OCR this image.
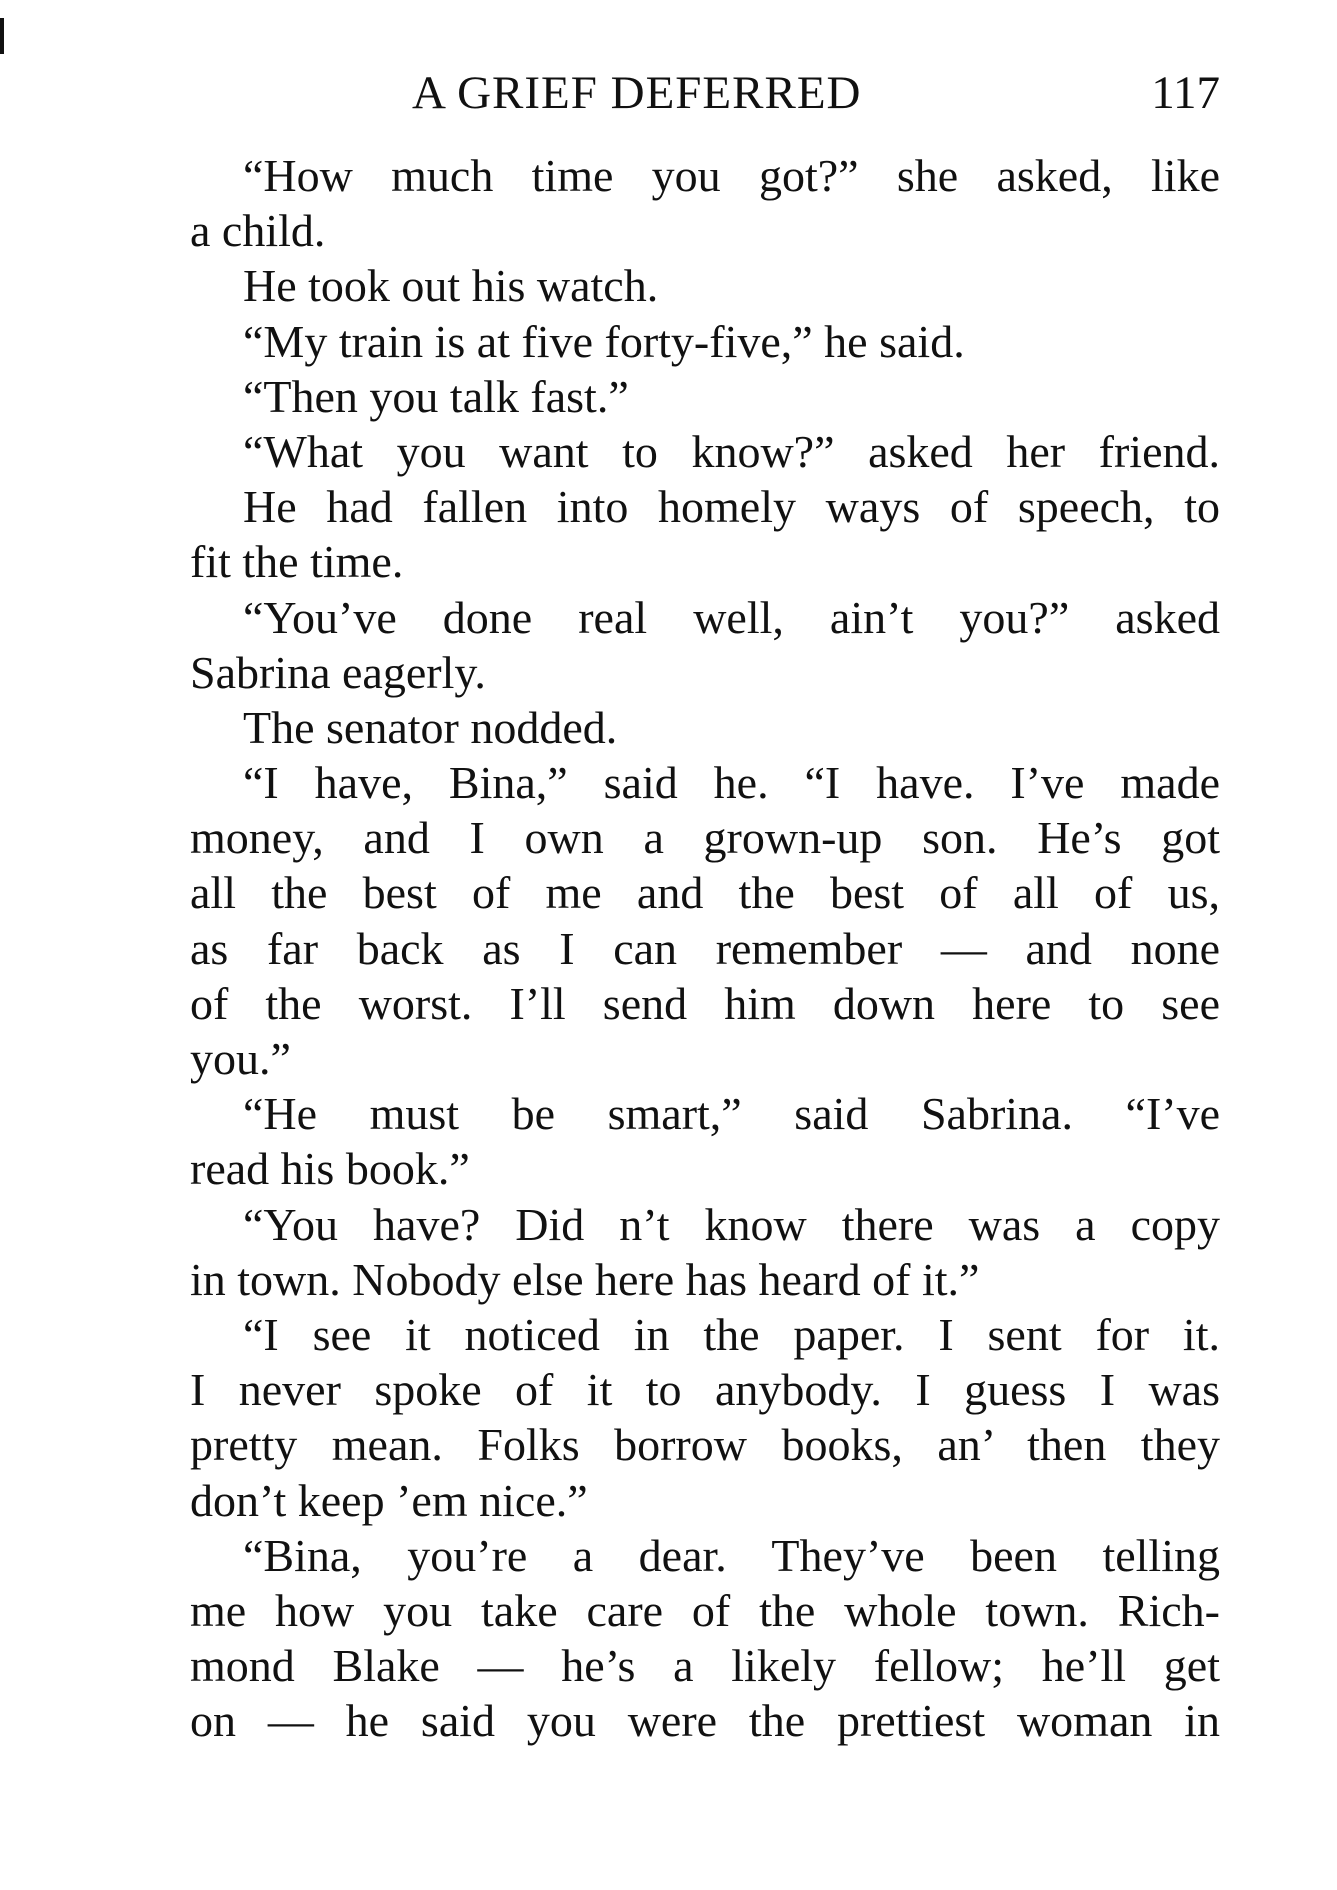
A GRIEF DEFERRED	117
“How much time you got?” she asked, like
a child.
He took out his watch.
“My train is at five forty-five,” he said.
“Then you talk fast.”
“What you want to know?” asked her friend.
He had fallen into homely ways of speech, to
fit the time.
“You’ve done real well, ain’t you?” asked
Sabrina eagerly.
The senator nodded.
“I have, Bina,” said he. “I have. I’ve made
money, and I own a grown-up son. He’s got
all the best of me and the best of all of us,
as far back as I can remember — and none
of the worst. I’ll send him down here to see
you.”
“He must be smart,” said Sabrina. “I’ve
read his book.”
“You have? Did n’t know there was a copy
in town. Nobody else here has heard of it.”
“I see it noticed in the paper. I sent for it.
I never spoke of it to anybody. I guess I was
pretty mean. Folks borrow books, an’ then they
don’t keep ’em nice.”
“Bina, you’re a dear. They’ve been telling
me how you take care of the whole town. Rich-
mond Blake — he’s a likely fellow; he’ll get
on — he said you were the prettiest woman in
